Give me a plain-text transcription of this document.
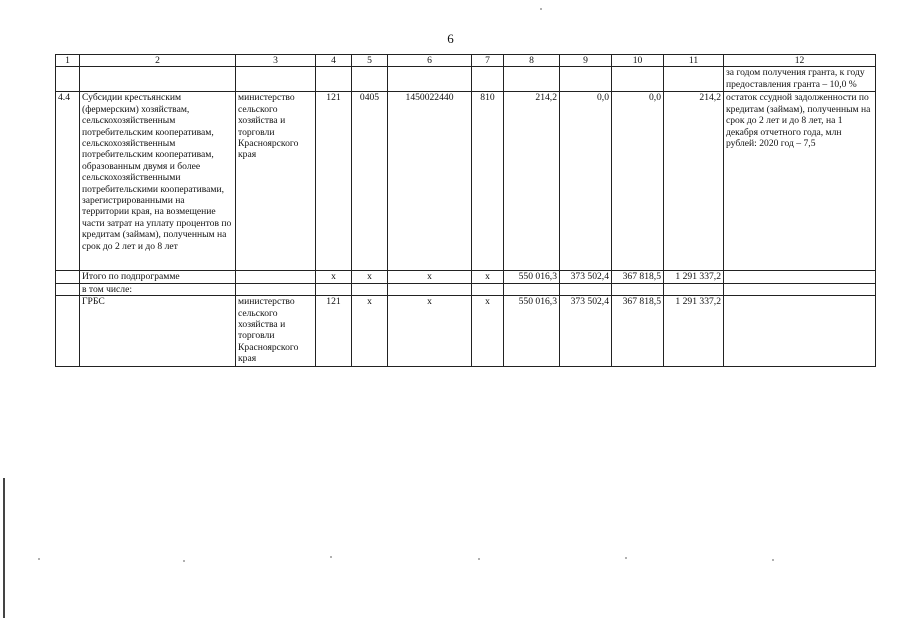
6
1	2	3	4	5	6	7	8	9	10	11	12
											за годом получения гранта, к году предоставления гранта – 10,0 %
4.4	Субсидии крестьянским (фермерским) хозяйствам, сельскохозяйственным потребительским кооперативам, сельскохозяйственным потребительским кооперативам, образованным двумя и более сельскохозяйственными потребительскими кооперативами, зарегистрированными на территории края, на возмещение части затрат на уплату процентов по кредитам (займам), полученным на срок до 2 лет и до 8 лет	министерство сельского хозяйства и торговли Красноярского края	121	0405	1450022440	810	214,2	0,0	0,0	214,2	остаток ссудной задолженности по кредитам (займам), полученным на срок до 2 лет и до 8 лет, на 1 декабря отчетного года, млн рублей: 2020 год – 7,5
	Итого по подпрограмме		х	х	х	х	550 016,3	373 502,4	367 818,5	1 291 337,2	
	в том числе:										
	ГРБС	министерство сельского хозяйства и торговли Красноярского края	121	х	х	х	550 016,3	373 502,4	367 818,5	1 291 337,2	
